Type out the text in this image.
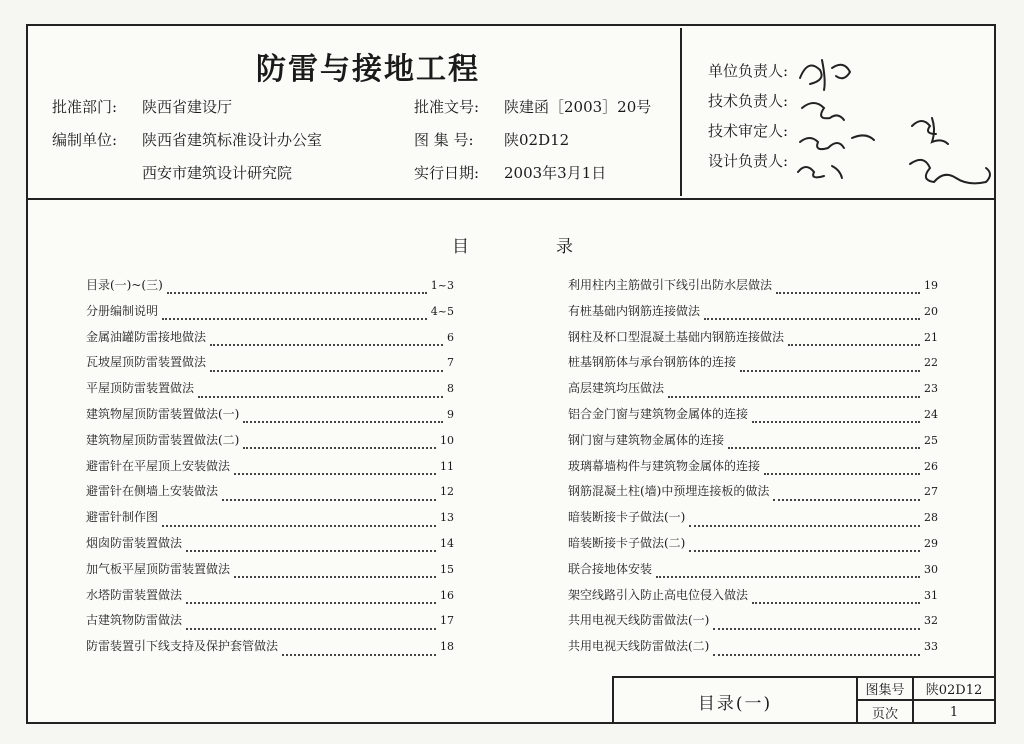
防雷与接地工程
批准部门: 陕西省建设厅
编制单位: 陕西省建筑标准设计办公室
西安市建筑设计研究院
批准文号: 陕建函［2003］20号
图 集 号: 陕02D12
实行日期: 2003年3月1日
单位负责人:
技术负责人:
技术审定人:
设计负责人:
目	录
目录(一)~(三)	1~3
分册编制说明	4~5
金属油罐防雷接地做法	6
瓦坡屋顶防雷装置做法	7
平屋顶防雷装置做法	8
建筑物屋顶防雷装置做法(一)	9
建筑物屋顶防雷装置做法(二)	10
避雷针在平屋顶上安装做法	11
避雷针在侧墙上安装做法	12
避雷针制作图	13
烟囱防雷装置做法	14
加气板平屋顶防雷装置做法	15
水塔防雷装置做法	16
古建筑物防雷做法	17
防雷装置引下线支持及保护套管做法	18
利用柱内主筋做引下线引出防水层做法	19
有桩基础内钢筋连接做法	20
钢柱及杯口型混凝土基础内钢筋连接做法	21
桩基钢筋体与承台钢筋体的连接	22
高层建筑均压做法	23
铝合金门窗与建筑物金属体的连接	24
钢门窗与建筑物金属体的连接	25
玻璃幕墙构件与建筑物金属体的连接	26
钢筋混凝土柱(墙)中预埋连接板的做法	27
暗装断接卡子做法(一)	28
暗装断接卡子做法(二)	29
联合接地体安装	30
架空线路引入防止高电位侵入做法	31
共用电视天线防雷做法(一)	32
共用电视天线防雷做法(二)	33
目录(一)
图集号	陕02D12
页次	1
